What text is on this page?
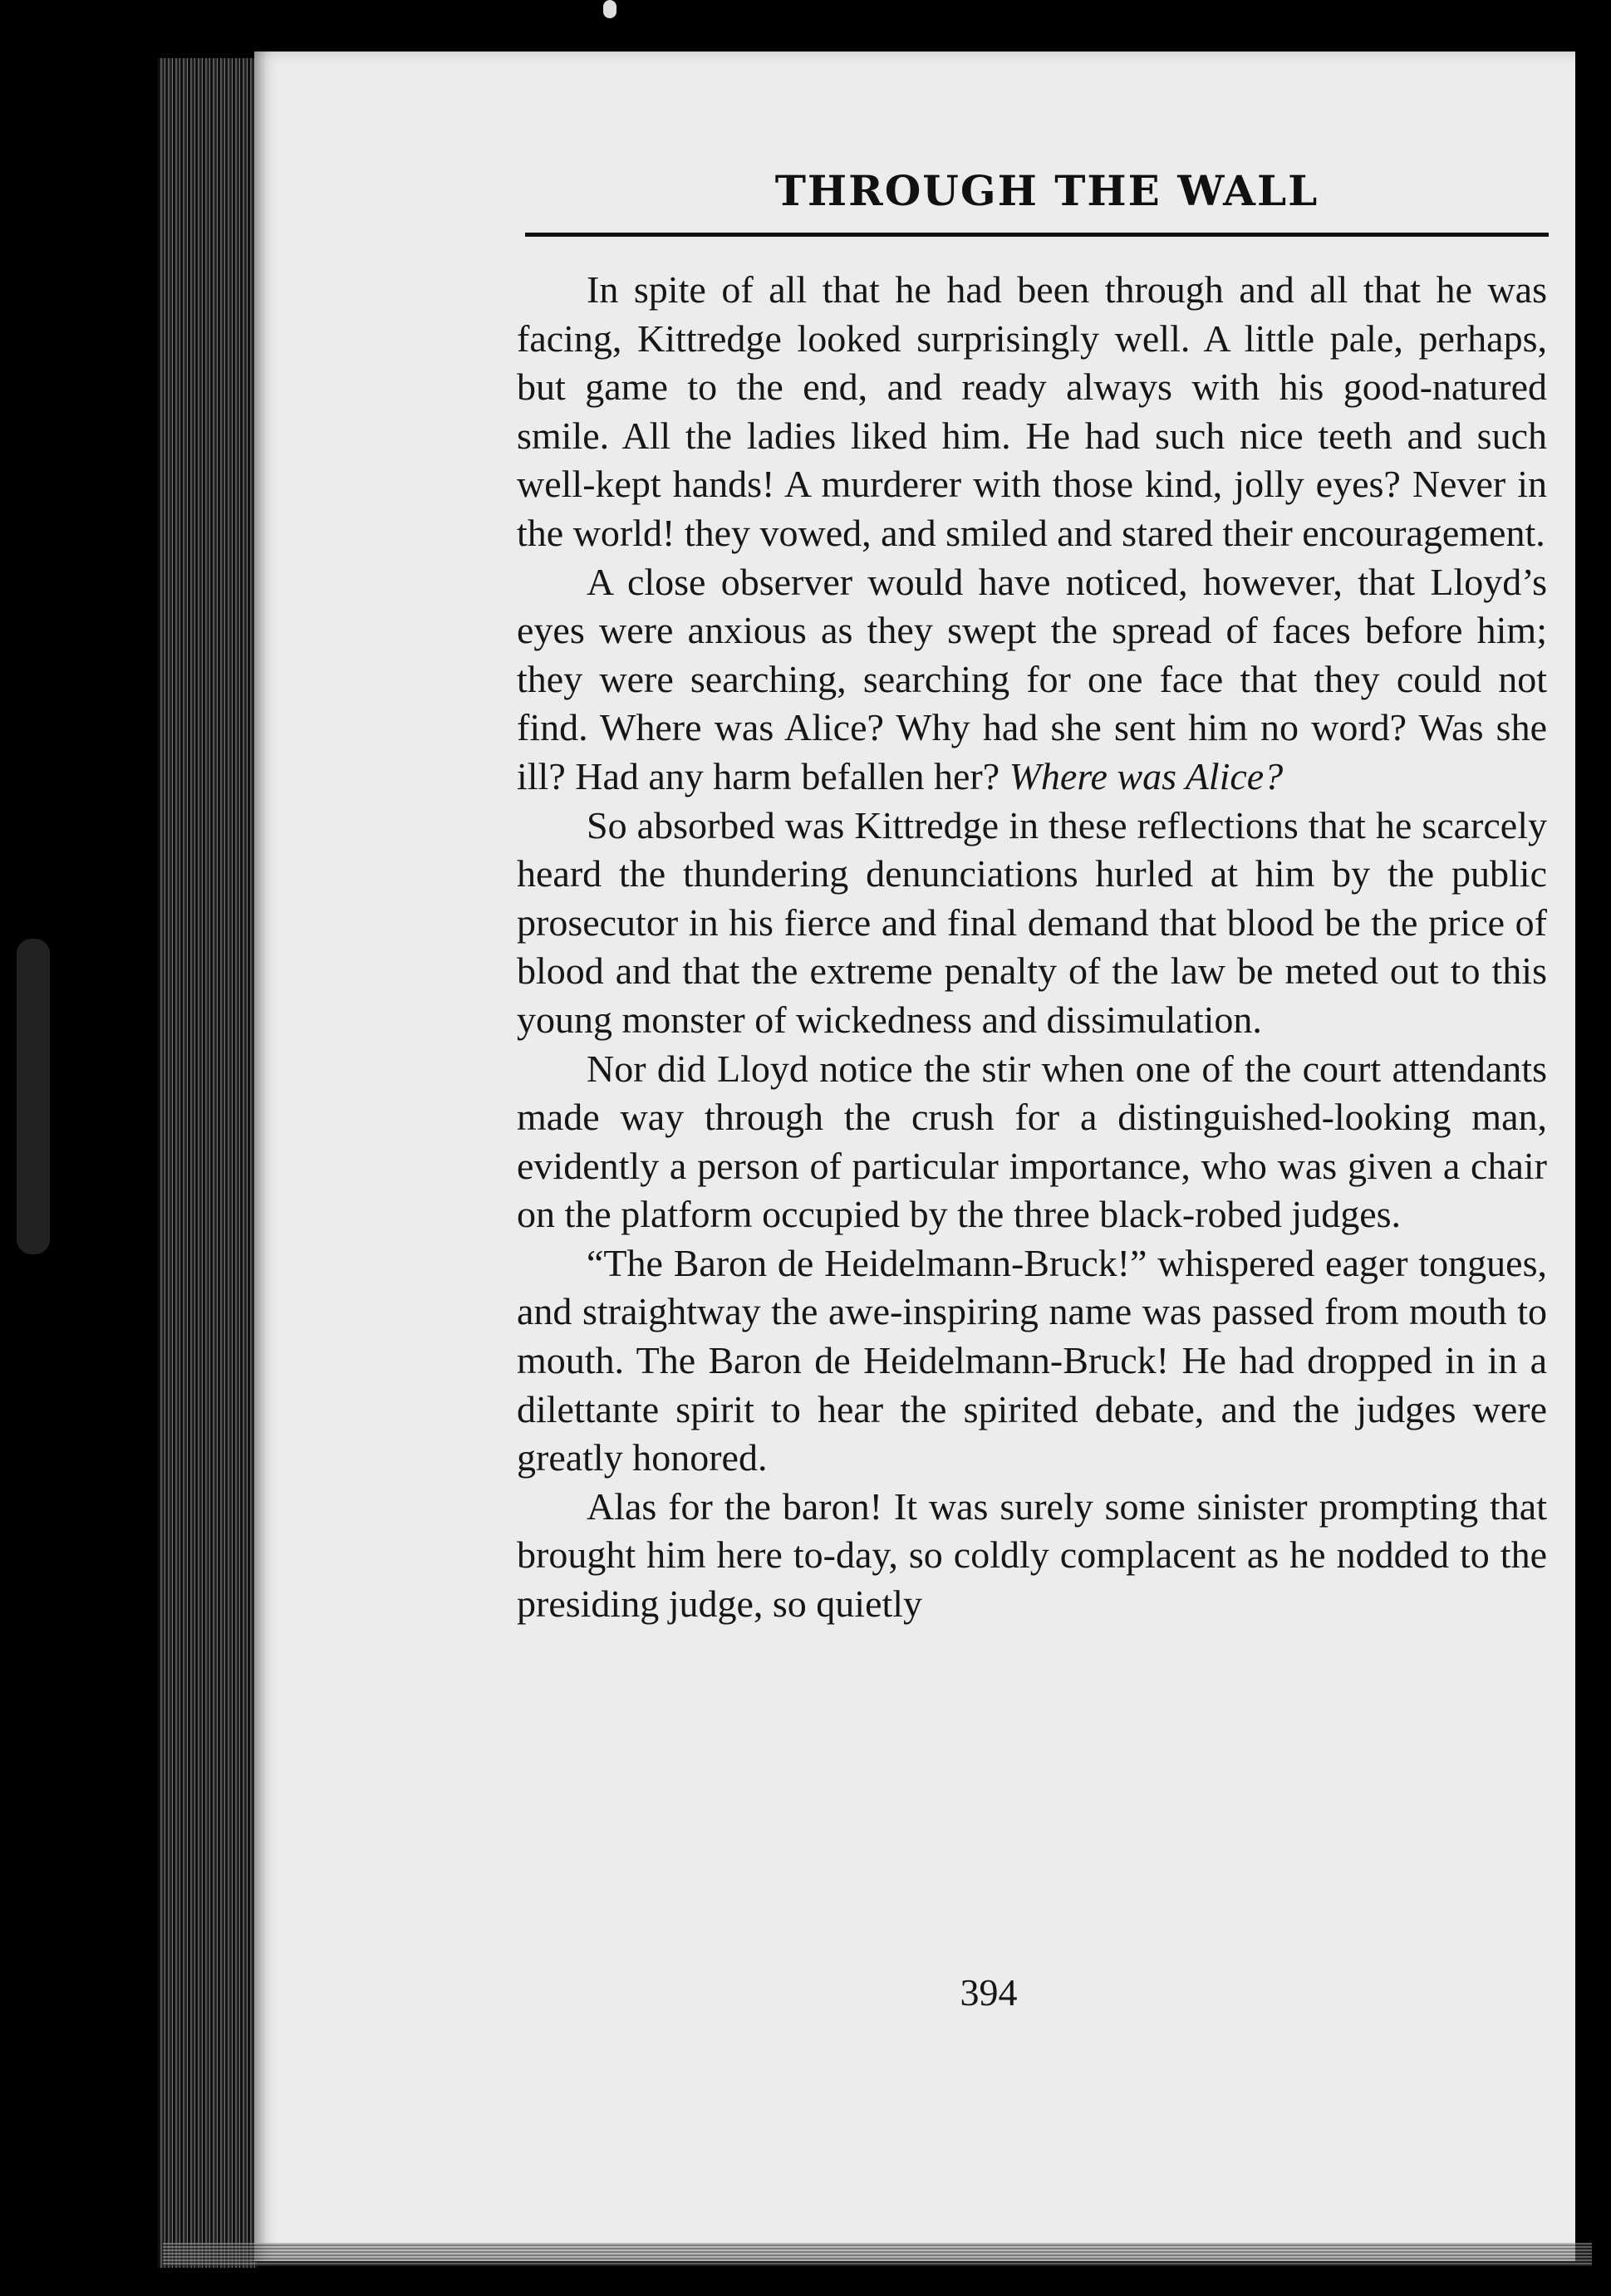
THROUGH THE WALL

In spite of all that he had been through and all that he was facing, Kittredge looked surprisingly well. A little pale, perhaps, but game to the end, and ready always with his good-natured smile. All the ladies liked him. He had such nice teeth and such well-kept hands! A murderer with those kind, jolly eyes? Never in the world! they vowed, and smiled and stared their encouragement.

A close observer would have noticed, however, that Lloyd’s eyes were anxious as they swept the spread of faces before him; they were searching, searching for one face that they could not find. Where was Alice? Why had she sent him no word? Was she ill? Had any harm befallen her? Where was Alice?

So absorbed was Kittredge in these reflections that he scarcely heard the thundering denunciations hurled at him by the public prosecutor in his fierce and final demand that blood be the price of blood and that the extreme penalty of the law be meted out to this young monster of wickedness and dissimulation.

Nor did Lloyd notice the stir when one of the court attendants made way through the crush for a distinguished-looking man, evidently a person of particular importance, who was given a chair on the platform occupied by the three black-robed judges.

“The Baron de Heidelmann-Bruck!” whispered eager tongues, and straightway the awe-inspiring name was passed from mouth to mouth. The Baron de Heidelmann-Bruck! He had dropped in in a dilettante spirit to hear the spirited debate, and the judges were greatly honored.

Alas for the baron! It was surely some sinister prompting that brought him here to-day, so coldly complacent as he nodded to the presiding judge, so quietly

394
